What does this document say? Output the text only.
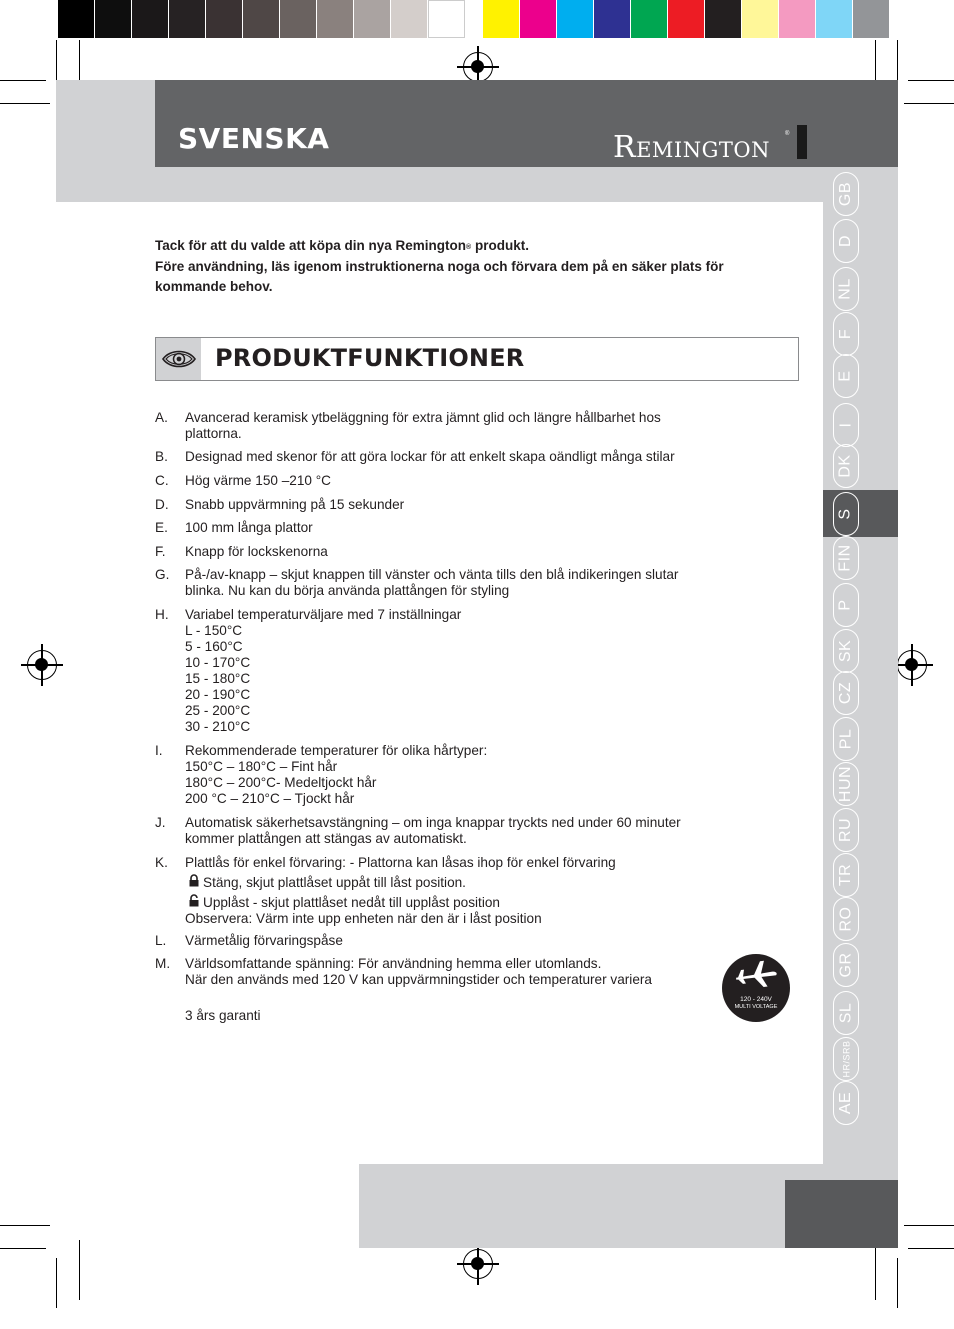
SVENSKA	REMINGTON
®
GB
D
NL
F
E
I
DK
S
FIN
P
SK
CZ
PL
HUN
RU
TR
RO
GR
SL
HR/SRB
AE
Tack för att du valde att köpa din nya Remington® produkt.
Före användning, läs igenom instruktionerna noga och förvara dem på en säker plats för kommande behov.
PRODUKTFUNKTIONER
A. Avancerad keramisk ytbeläggning för extra jämnt glid och längre hållbarhet hos
plattorna.
B. Designad med skenor för att göra lockar för att enkelt skapa oändligt många stilar
C. Hög värme 150 –210 °C
D. Snabb uppvärmning på 15 sekunder
E. 100 mm långa plattor
F. Knapp för lockskenorna
G. På-/av-knapp – skjut knappen till vänster och vänta tills den blå indikeringen slutar
blinka. Nu kan du börja använda plattången för styling
H. Variabel temperaturväljare med 7 inställningar
L - 150°C
5 - 160°C
10 - 170°C
15 - 180°C
20 - 190°C
25 - 200°C
30 - 210°C
I. Rekommenderade temperaturer för olika hårtyper:
150°C – 180°C – Fint hår
180°C – 200°C- Medeltjockt hår
200 °C – 210°C – Tjockt hår
J. Automatisk säkerhetsavstängning – om inga knappar tryckts ned under 60 minuter
kommer plattången att stängas av automatiskt.
K. Plattlås för enkel förvaring: - Plattorna kan låsas ihop för enkel förvaring
Stäng, skjut plattlåset uppåt till låst position.
Upplåst - skjut plattlåset nedåt till upplåst position
Observera: Värm inte upp enheten när den är i låst position
L. Värmetålig förvaringspåse
M. Världsomfattande spänning: För användning hemma eller utomlands.
När den används med 120 V kan uppvärmningstider och temperaturer variera
3 års garanti
120 - 240V
MULTI VOLTAGE
